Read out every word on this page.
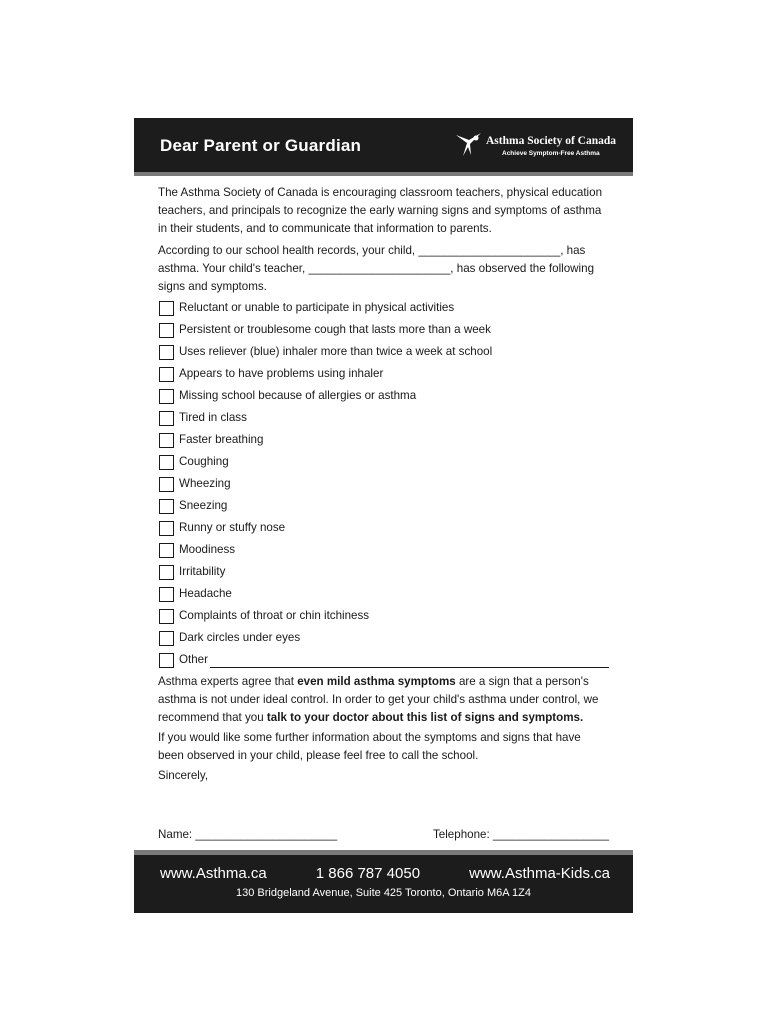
Dear Parent or Guardian	Asthma Society of Canada
Achieve Symptom-Free Asthma

The Asthma Society of Canada is encouraging classroom teachers, physical education teachers, and principals to recognize the early warning signs and symptoms of asthma in their students, and to communicate that information to parents.

According to our school health records, your child, ______________________, has asthma. Your child's teacher, ______________________, has observed the following signs and symptoms.

Reluctant or unable to participate in physical activities
Persistent or troublesome cough that lasts more than a week
Uses reliever (blue) inhaler more than twice a week at school
Appears to have problems using inhaler
Missing school because of allergies or asthma
Tired in class
Faster breathing
Coughing
Wheezing
Sneezing
Runny or stuffy nose
Moodiness
Irritability
Headache
Complaints of throat or chin itchiness
Dark circles under eyes
Other

Asthma experts agree that even mild asthma symptoms are a sign that a person's asthma is not under ideal control. In order to get your child's asthma under control, we recommend that you talk to your doctor about this list of signs and symptoms.

If you would like some further information about the symptoms and signs that have been observed in your child, please feel free to call the school.

Sincerely,

Name: ______________________	Telephone: __________________
www.Asthma.ca	1 866 787 4050	www.Asthma-Kids.ca
130 Bridgeland Avenue, Suite 425 Toronto, Ontario M6A 1Z4
